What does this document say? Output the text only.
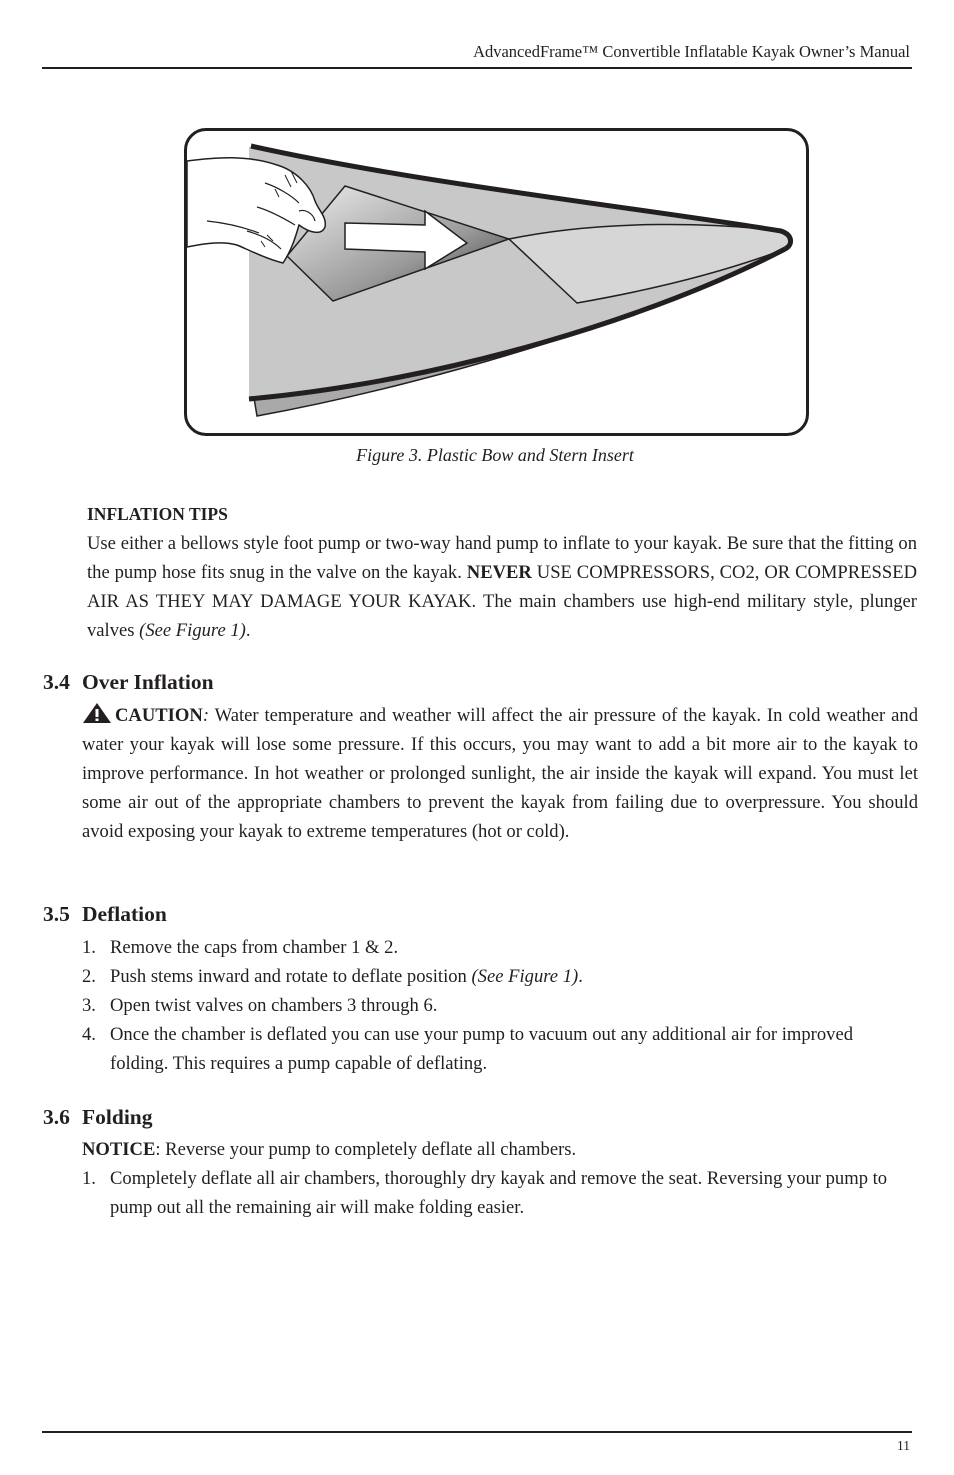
AdvancedFrame™ Convertible Inflatable Kayak Owner’s Manual
Figure 3. Plastic Bow and Stern Insert
INFLATION TIPS
Use either a bellows style foot pump or two-way hand pump to inflate to your kayak. Be sure that the fitting on the pump hose fits snug in the valve on the kayak. NEVER USE COMPRESSORS, CO2, OR COMPRESSED AIR AS THEY MAY DAMAGE YOUR KAYAK. The main chambers use high-end military style, plunger valves (See Figure 1).
3.4 Over Inflation
CAUTION: Water temperature and weather will affect the air pressure of the kayak. In cold weather and water your kayak will lose some pressure. If this occurs, you may want to add a bit more air to the kayak to improve performance. In hot weather or prolonged sunlight, the air inside the kayak will expand. You must let some air out of the appropriate chambers to prevent the kayak from failing due to overpressure. You should avoid exposing your kayak to extreme temperatures (hot or cold).
3.5 Deflation
1. Remove the caps from chamber 1 & 2.
2. Push stems inward and rotate to deflate position (See Figure 1).
3. Open twist valves on chambers 3 through 6.
4. Once the chamber is deflated you can use your pump to vacuum out any additional air for improved folding. This requires a pump capable of deflating.
3.6 Folding
NOTICE: Reverse your pump to completely deflate all chambers.
1. Completely deflate all air chambers, thoroughly dry kayak and remove the seat. Reversing your pump to pump out all the remaining air will make folding easier.
11
